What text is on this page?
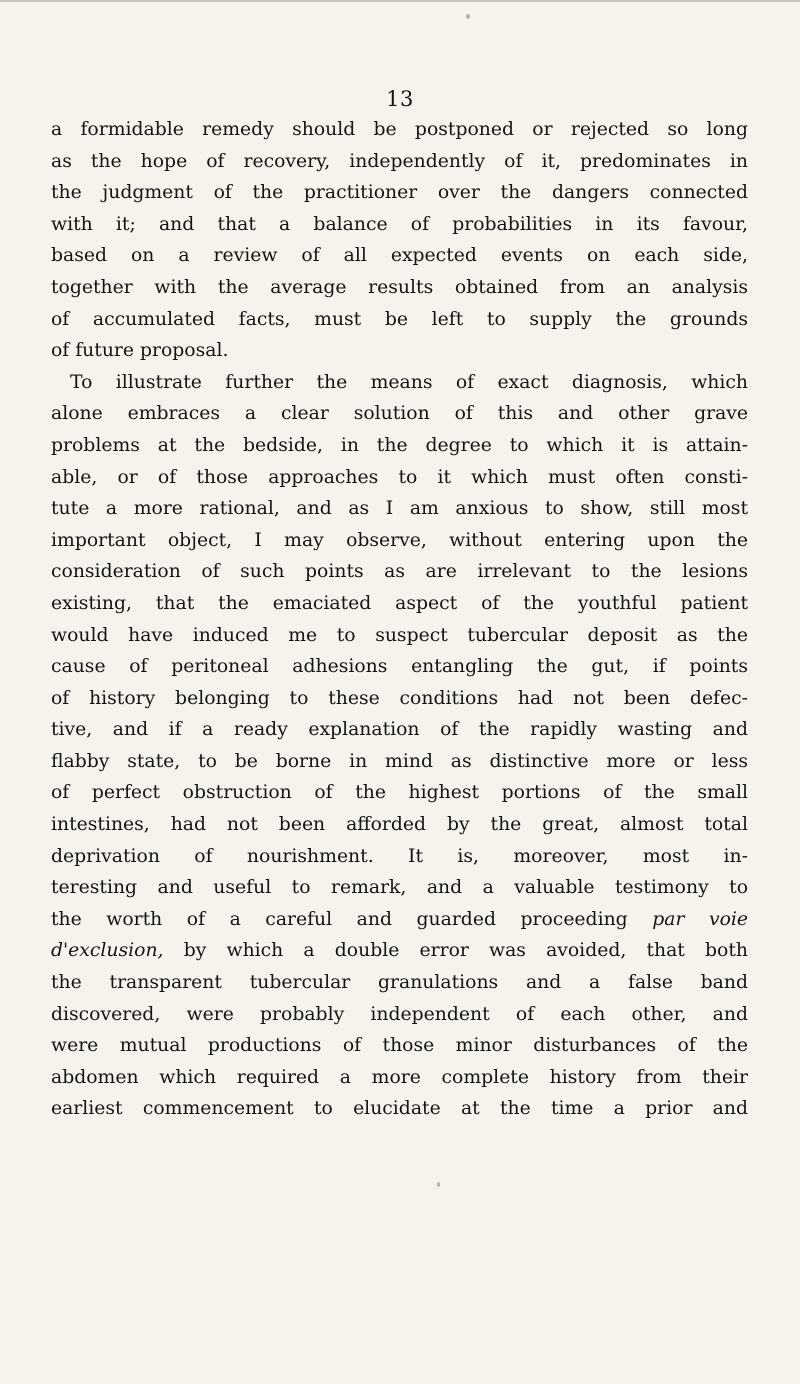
13
a formidable remedy should be postponed or rejected so long
as the hope of recovery, independently of it, predominates in
the judgment of the practitioner over the dangers connected
with it; and that a balance of probabilities in its favour,
based on a review of all expected events on each side,
together with the average results obtained from an analysis
of accumulated facts, must be left to supply the grounds
of future proposal.
To illustrate further the means of exact diagnosis, which
alone embraces a clear solution of this and other grave
problems at the bedside, in the degree to which it is attain-
able, or of those approaches to it which must often consti-
tute a more rational, and as I am anxious to show, still most
important object, I may observe, without entering upon the
consideration of such points as are irrelevant to the lesions
existing, that the emaciated aspect of the youthful patient
would have induced me to suspect tubercular deposit as the
cause of peritoneal adhesions entangling the gut, if points
of history belonging to these conditions had not been defec-
tive, and if a ready explanation of the rapidly wasting and
flabby state, to be borne in mind as distinctive more or less
of perfect obstruction of the highest portions of the small
intestines, had not been afforded by the great, almost total
deprivation of nourishment. It is, moreover, most in-
teresting and useful to remark, and a valuable testimony to
the worth of a careful and guarded proceeding par voie
d'exclusion, by which a double error was avoided, that both
the transparent tubercular granulations and a false band
discovered, were probably independent of each other, and
were mutual productions of those minor disturbances of the
abdomen which required a more complete history from their
earliest commencement to elucidate at the time a prior and
